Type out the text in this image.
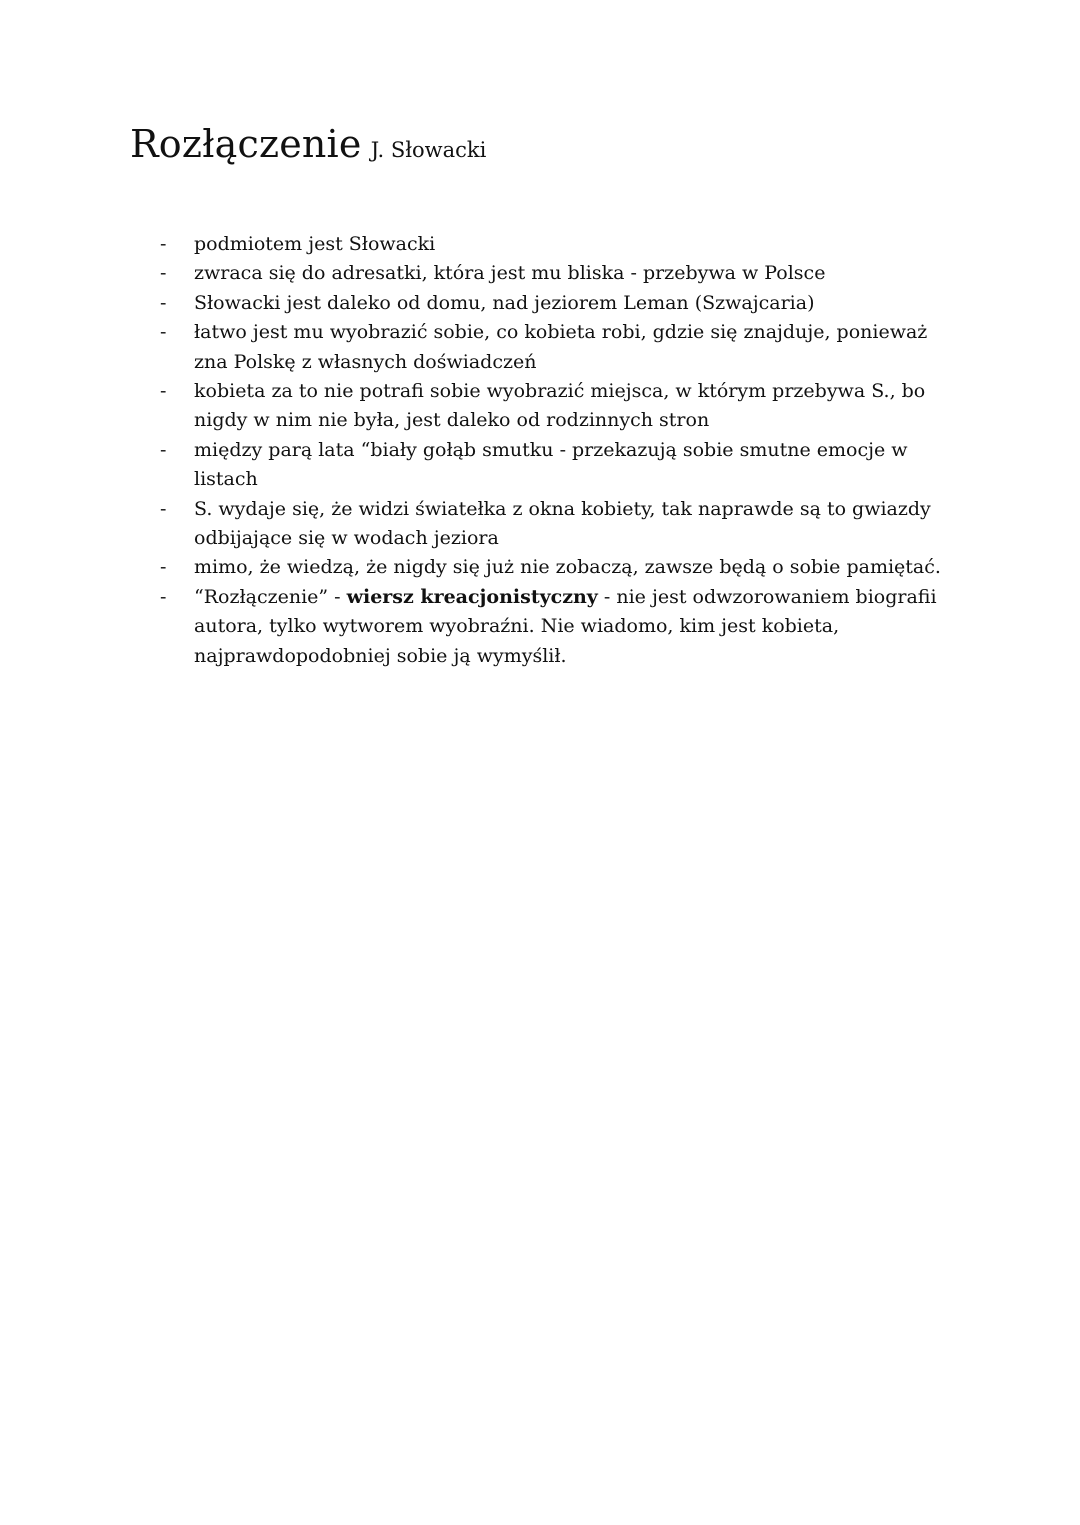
Rozłączenie J. Słowacki
- podmiotem jest Słowacki
- zwraca się do adresatki, która jest mu bliska - przebywa w Polsce
- Słowacki jest daleko od domu, nad jeziorem Leman (Szwajcaria)
- łatwo jest mu wyobrazić sobie, co kobieta robi, gdzie się znajduje, ponieważ zna Polskę z własnych doświadczeń
- kobieta za to nie potrafi sobie wyobrazić miejsca, w którym przebywa S., bo nigdy w nim nie była, jest daleko od rodzinnych stron
- między parą lata “biały gołąb smutku - przekazują sobie smutne emocje w listach
- S. wydaje się, że widzi światełka z okna kobiety, tak naprawde są to gwiazdy odbijające się w wodach jeziora
- mimo, że wiedzą, że nigdy się już nie zobaczą, zawsze będą o sobie pamiętać.
- “Rozłączenie” - wiersz kreacjonistyczny - nie jest odwzorowaniem biografii autora, tylko wytworem wyobraźni. Nie wiadomo, kim jest kobieta, najprawdopodobniej sobie ją wymyślił.
